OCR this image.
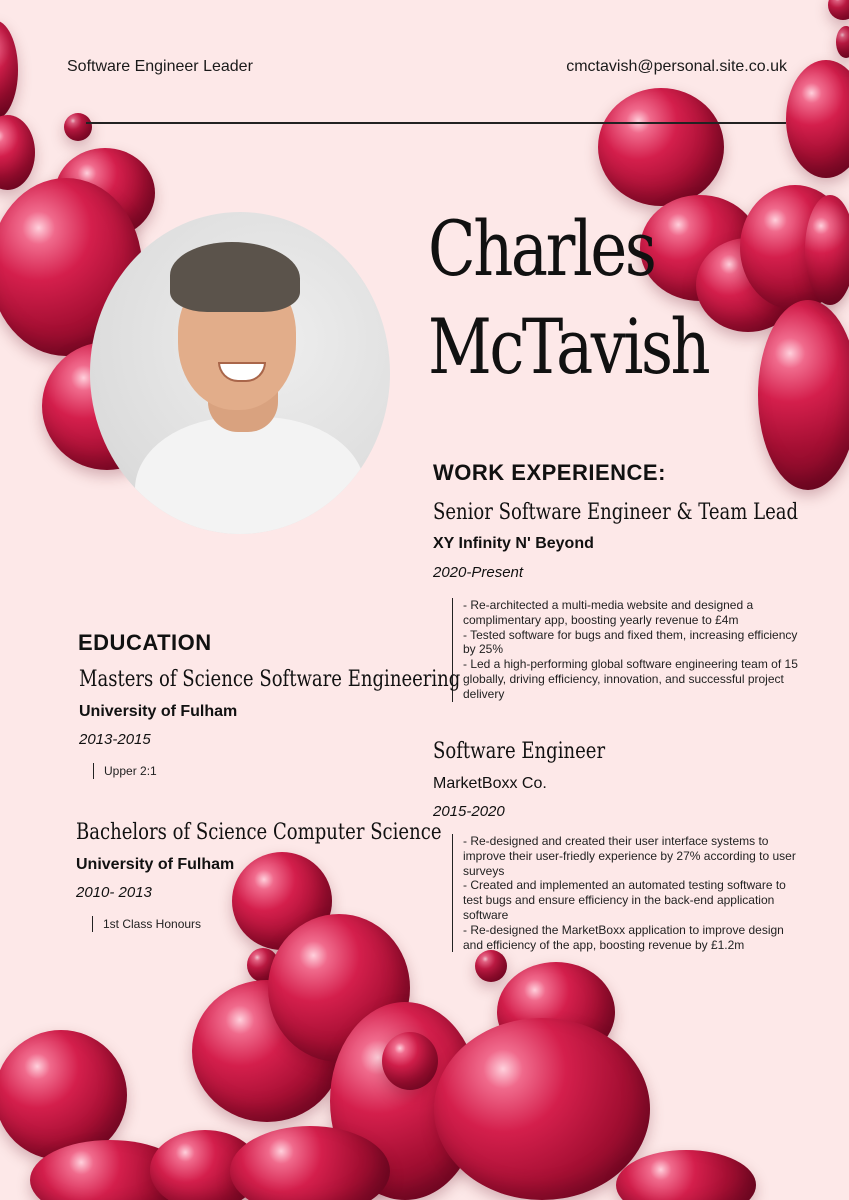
Software Engineer Leader	cmctavish@personal.site.co.uk
Charles
McTavish
WORK EXPERIENCE:
Senior Software Engineer & Team Lead
XY Infinity N' Beyond
2020-Present
- Re-architected a multi-media website and designed a complimentary app, boosting yearly revenue to £4m
- Tested software for bugs and fixed them, increasing efficiency by 25%
- Led a high-performing global software engineering team of 15 globally, driving efficiency, innovation, and successful project delivery
Software Engineer
MarketBoxx Co.
2015-2020
- Re-designed and created their user interface systems to improve their user-friedly experience by 27% according to user surveys
- Created and implemented an automated testing software to test bugs and ensure efficiency in the back-end application software
- Re-designed the MarketBoxx application to improve design and efficiency of the app, boosting revenue by £1.2m
EDUCATION
Masters of Science Software Engineering
University of Fulham
2013-2015
Upper 2:1
Bachelors of Science Computer Science
University of Fulham
2010- 2013
1st Class Honours
